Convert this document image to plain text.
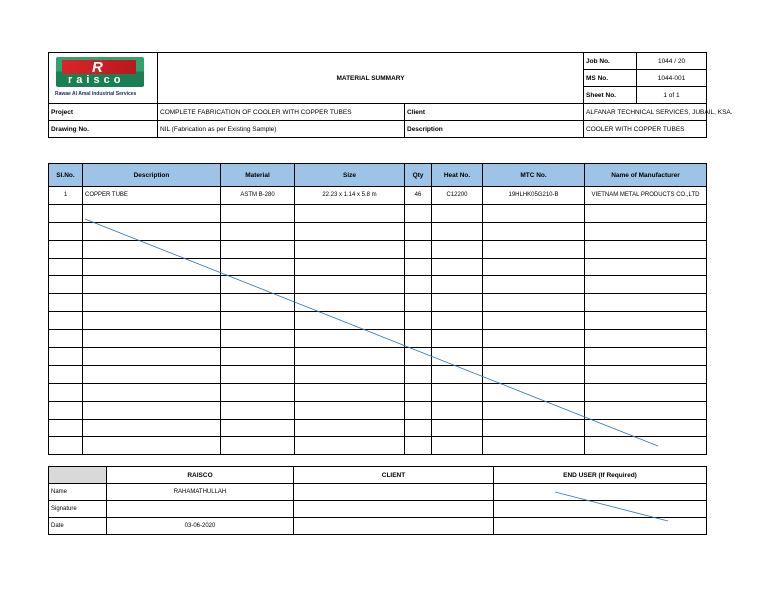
R
raisco
Rawae Al Amal Industrial Services	MATERIAL SUMMARY		Job No.	1044 / 20
			MS No.	1044-001
			Sheet No.	1 of 1
Project	COMPLETE FABRICATION OF COOLER WITH COPPER TUBES	Client	ALFANAR TECHNICAL SERVICES, JUBAIL, KSA.	
Drawing No.	NIL (Fabrication as per Existing Sample)	Description	COOLER WITH COPPER TUBES	
Sl.No.	Description	Material	Size	Qty	Heat No.	MTC No.	Name of Manufacturer
1	COPPER TUBE	ASTM B-280	22.23 x 1.14 x 5.8 m	46	C12200	19HLHK05G210-B	VIETNAM METAL PRODUCTS CO.,LTD

	RAISCO	CLIENT	END USER (If Required)
Name	RAHAMATHULLAH		
Signature			
Date	03-06-2020		
